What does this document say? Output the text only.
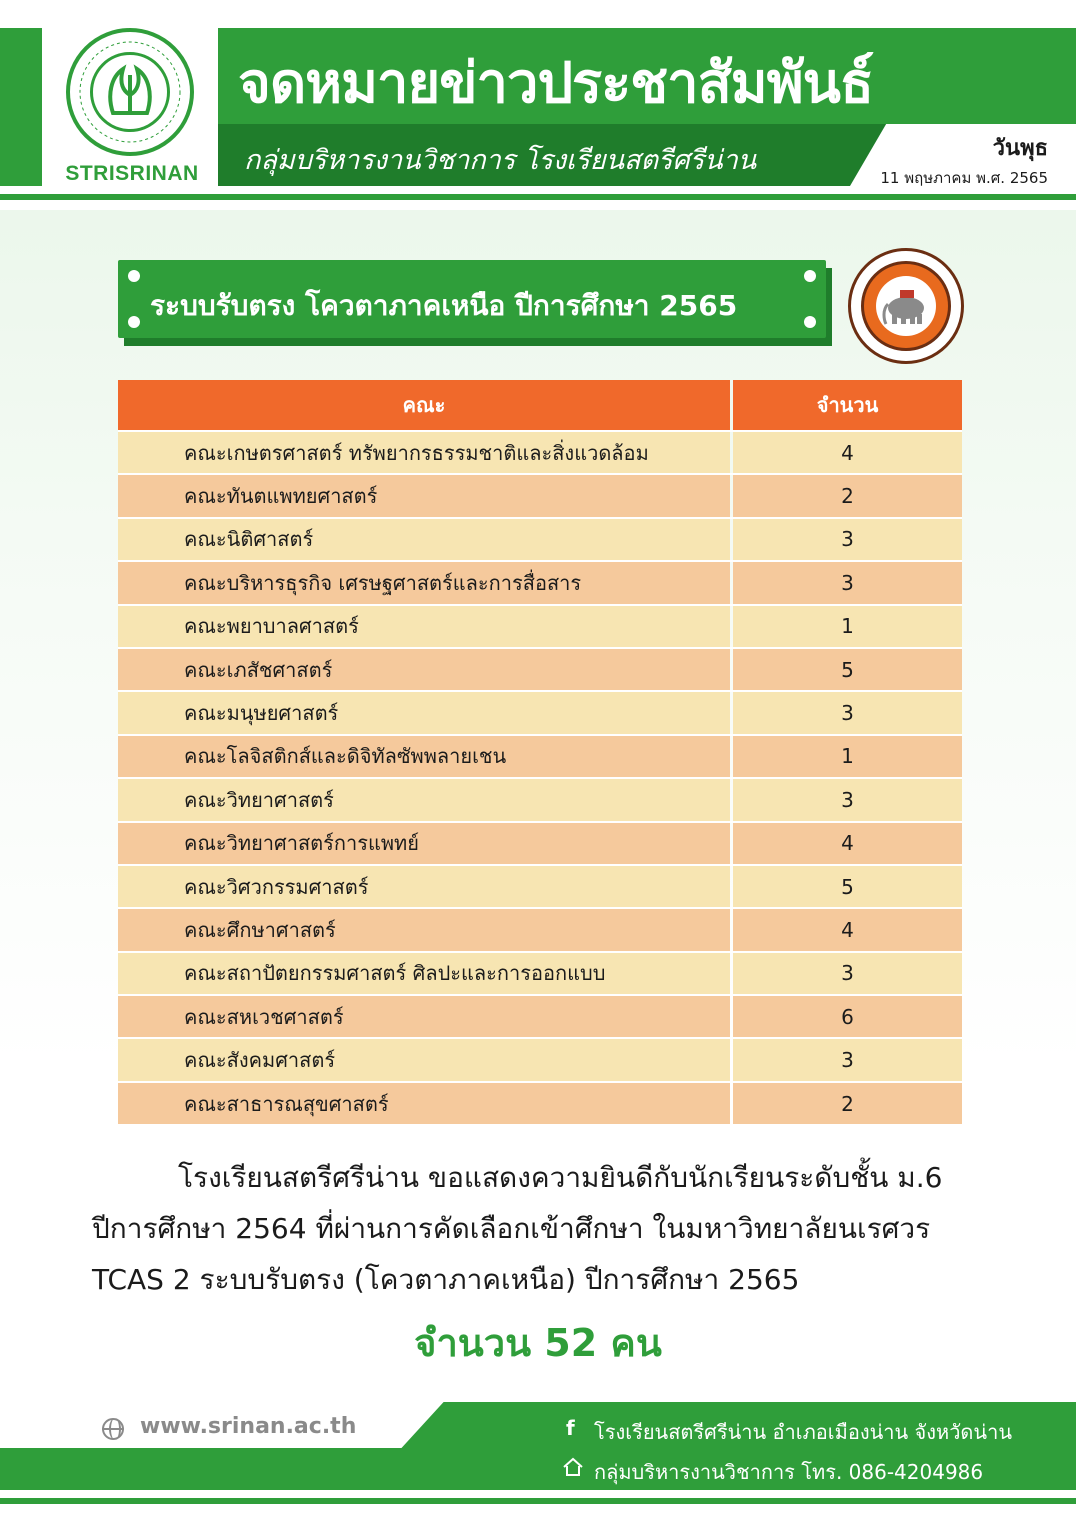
STRISRINAN
จดหมายข่าวประชาสัมพันธ์
กลุ่มบริหารงานวิชาการ โรงเรียนสตรีศรีน่าน	วันพุธ
11 พฤษภาคม พ.ศ. 2565
ระบบรับตรง โควตาภาคเหนือ ปีการศึกษา 2565
คณะ	จำนวน
คณะเกษตรศาสตร์ ทรัพยากรธรรมชาติและสิ่งแวดล้อม	4
คณะทันตแพทยศาสตร์	2
คณะนิติศาสตร์	3
คณะบริหารธุรกิจ เศรษฐศาสตร์และการสื่อสาร	3
คณะพยาบาลศาสตร์	1
คณะเภสัชศาสตร์	5
คณะมนุษยศาสตร์	3
คณะโลจิสติกส์และดิจิทัลซัพพลายเชน	1
คณะวิทยาศาสตร์	3
คณะวิทยาศาสตร์การแพทย์	4
คณะวิศวกรรมศาสตร์	5
คณะศึกษาศาสตร์	4
คณะสถาปัตยกรรมศาสตร์ ศิลปะและการออกแบบ	3
คณะสหเวชศาสตร์	6
คณะสังคมศาสตร์	3
คณะสาธารณสุขศาสตร์	2
โรงเรียนสตรีศรีน่าน ขอแสดงความยินดีกับนักเรียนระดับชั้น ม.6
ปีการศึกษา 2564 ที่ผ่านการคัดเลือกเข้าศึกษา ในมหาวิทยาลัยนเรศวร
TCAS 2 ระบบรับตรง (โควตาภาคเหนือ) ปีการศึกษา 2565
จำนวน 52 คน
www.srinan.ac.th	f โรงเรียนสตรีศรีน่าน อำเภอเมืองน่าน จังหวัดน่าน
กลุ่มบริหารงานวิชาการ โทร. 086-4204986
